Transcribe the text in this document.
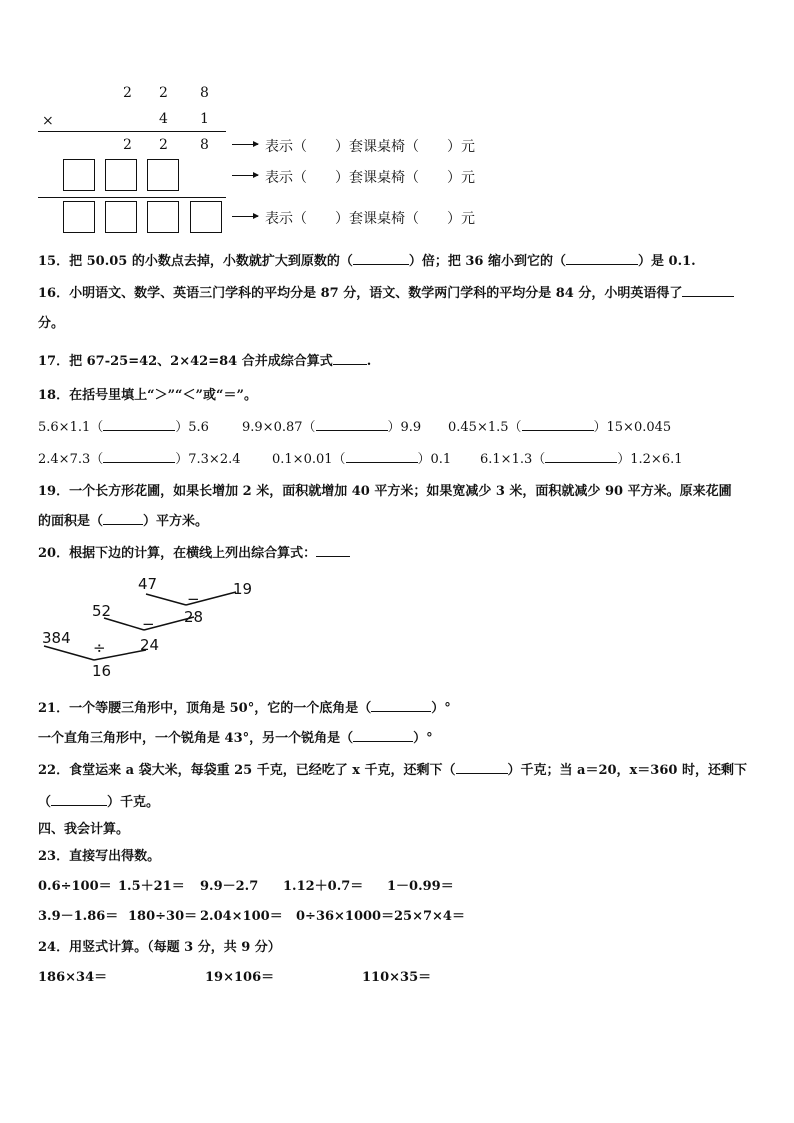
2 2 8
×	4 1
2 2 8	表示（　　）套课桌椅（　　）元
表示（　　）套课桌椅（　　）元
表示（　　）套课桌椅（　　）元
15．把 50.05 的小数点去掉，小数就扩大到原数的（	）倍；把 36 缩小到它的（	）是 0.1.
16．小明语文、数学、英语三门学科的平均分是 87 分，语文、数学两门学科的平均分是 84 分，小明英语得了
分。
17．把 67-25=42、2×42=84 合并成综合算式	.
18．在括号里填上“＞”“＜”或“＝”。
5.6×1.1（	）5.6	9.9×0.87（	）9.9 0.45×1.5（	）15×0.045
2.4×7.3（	）7.3×2.4 0.1×0.01（	）0.1 6.1×1.3（	）1.2×6.1
19．一个长方形花圃，如果长增加 2 米，面积就增加 40 平方米；如果宽减少 3 米，面积就减少 90 平方米。原来花圃
的面积是（	）平方米。
20．根据下边的计算，在横线上列出综合算式：
47	19
−
28
52
−
24
384
÷
16
21．一个等腰三角形中，顶角是 50°，它的一个底角是（	）°
一个直角三角形中，一个锐角是 43°，另一个锐角是（	）°
22．食堂运来 a 袋大米，每袋重 25 千克，已经吃了 x 千克，还剩下（	）千克；当 a＝20，x＝360 时，还剩下
（	）千克。
四、我会计算。
23．直接写出得数。
0.6÷100＝ 1.5＋21＝ 9.9－2.7 1.12＋0.7＝ 1－0.99＝
3.9－1.86＝ 180÷30＝ 2.04×100＝ 0÷36×1000＝ 25×7×4＝
24．用竖式计算。（每题 3 分，共 9 分）
186×34＝	19×106＝	110×35＝
